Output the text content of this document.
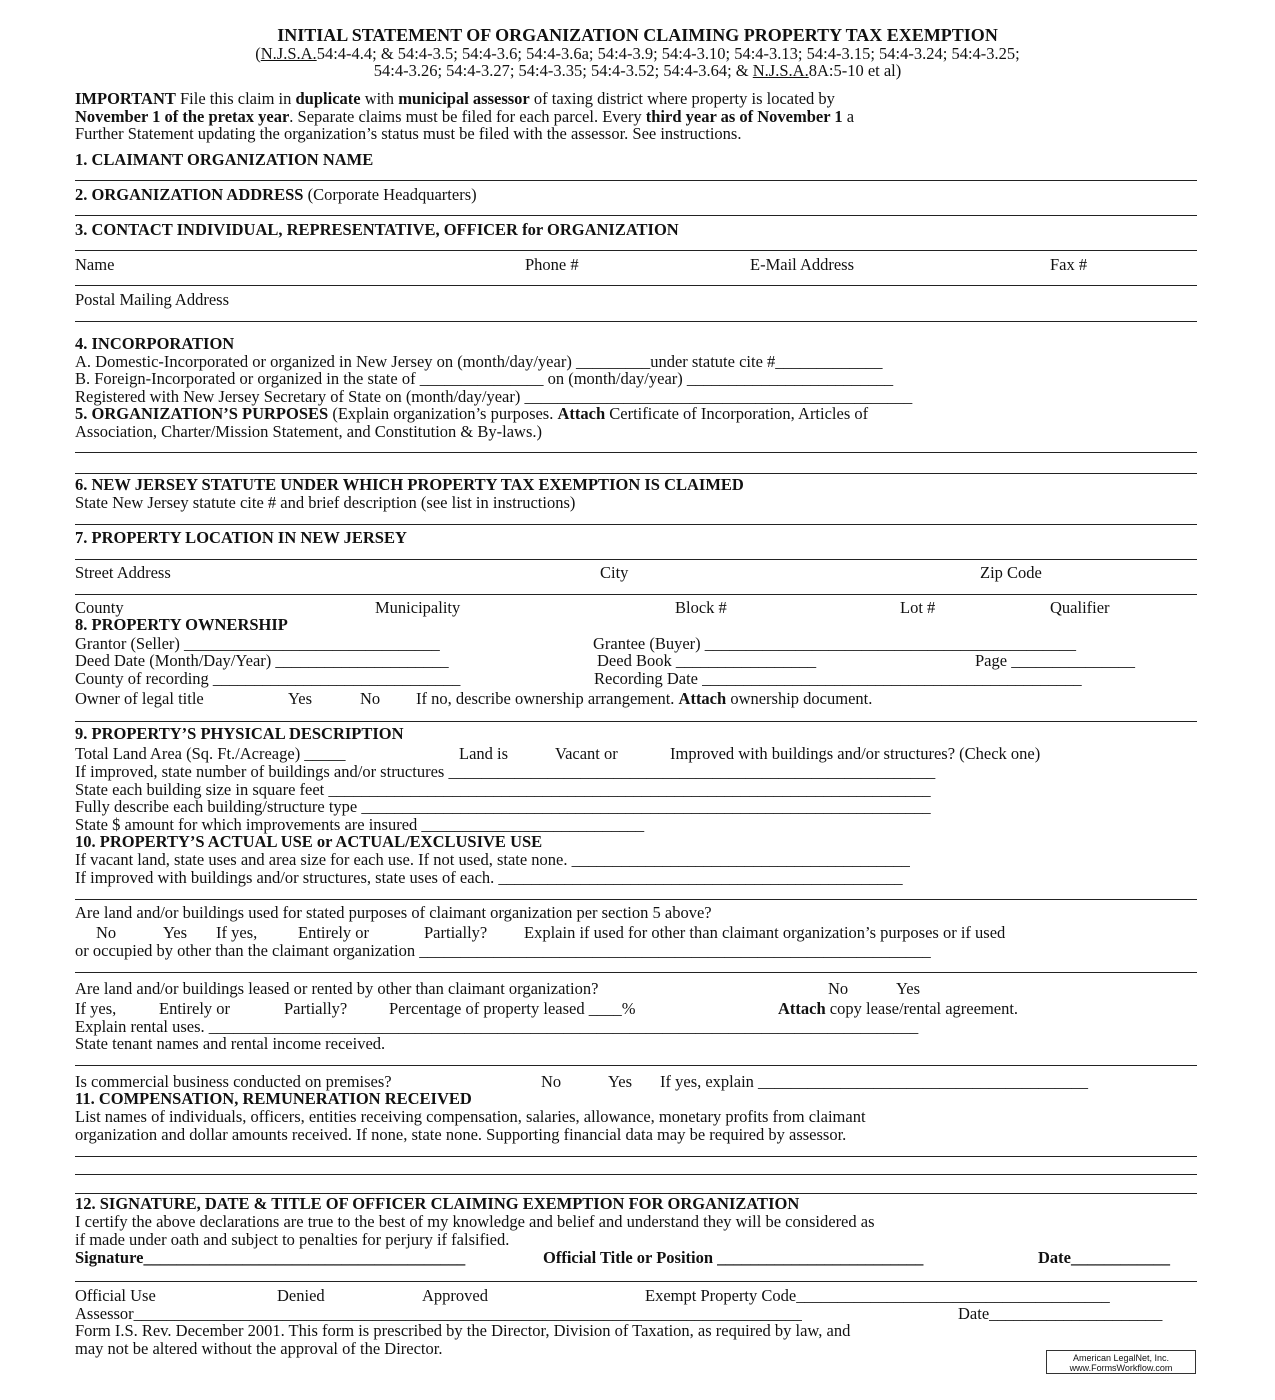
INITIAL STATEMENT OF ORGANIZATION CLAIMING PROPERTY TAX EXEMPTION
(N.J.S.A.54:4-4.4; & 54:4-3.5; 54:4-3.6; 54:4-3.6a; 54:4-3.9; 54:4-3.10; 54:4-3.13; 54:4-3.15; 54:4-3.24; 54:4-3.25;
54:4-3.26; 54:4-3.27; 54:4-3.35; 54:4-3.52; 54:4-3.64; & N.J.S.A.8A:5-10 et al)
IMPORTANT File this claim in duplicate with municipal assessor of taxing district where property is located by
November 1 of the pretax year. Separate claims must be filed for each parcel. Every third year as of November 1 a
Further Statement updating the organization’s status must be filed with the assessor. See instructions.
1. CLAIMANT ORGANIZATION NAME
2. ORGANIZATION ADDRESS (Corporate Headquarters)
3. CONTACT INDIVIDUAL, REPRESENTATIVE, OFFICER for ORGANIZATION
Name	Phone #	E-Mail Address	Fax #
Postal Mailing Address
4. INCORPORATION
A. Domestic-Incorporated or organized in New Jersey on (month/day/year) _________under statute cite #_____________
B. Foreign-Incorporated or organized in the state of _______________ on (month/day/year) _________________________
Registered with New Jersey Secretary of State on (month/day/year) _______________________________________________
5. ORGANIZATION’S PURPOSES (Explain organization’s purposes. Attach Certificate of Incorporation, Articles of
Association, Charter/Mission Statement, and Constitution & By-laws.)
6. NEW JERSEY STATUTE UNDER WHICH PROPERTY TAX EXEMPTION IS CLAIMED
State New Jersey statute cite # and brief description (see list in instructions)
7. PROPERTY LOCATION IN NEW JERSEY
Street Address	City	Zip Code
County	Municipality	Block #	Lot #	Qualifier
8. PROPERTY OWNERSHIP
Grantor (Seller) _______________________________	Grantee (Buyer) _____________________________________________
Deed Date (Month/Day/Year) _____________________	Deed Book _________________	Page _______________
County of recording ______________________________	Recording Date ______________________________________________
Owner of legal title	Yes	No If no, describe ownership arrangement. Attach ownership document.
9. PROPERTY’S PHYSICAL DESCRIPTION
Total Land Area (Sq. Ft./Acreage) _____	Land is	Vacant or	Improved with buildings and/or structures? (Check one)
If improved, state number of buildings and/or structures ___________________________________________________________
State each building size in square feet _________________________________________________________________________
Fully describe each building/structure type _____________________________________________________________________
State $ amount for which improvements are insured ___________________________
10. PROPERTY’S ACTUAL USE or ACTUAL/EXCLUSIVE USE
If vacant land, state uses and area size for each use. If not used, state none. _________________________________________
If improved with buildings and/or structures, state uses of each. _________________________________________________
Are land and/or buildings used for stated purposes of claimant organization per section 5 above?
No	Yes If yes, Entirely or	Partially? Explain if used for other than claimant organization’s purposes or if used
or occupied by other than the claimant organization ______________________________________________________________
Are land and/or buildings leased or rented by other than claimant organization?	No	Yes
If yes,	Entirely or	Partially?	Percentage of property leased ____%	Attach copy lease/rental agreement.
Explain rental uses. ______________________________________________________________________________________
State tenant names and rental income received.
Is commercial business conducted on premises?	No	Yes If yes, explain ________________________________________
11. COMPENSATION, REMUNERATION RECEIVED
List names of individuals, officers, entities receiving compensation, salaries, allowance, monetary profits from claimant
organization and dollar amounts received. If none, state none. Supporting financial data may be required by assessor.
12. SIGNATURE, DATE & TITLE OF OFFICER CLAIMING EXEMPTION FOR ORGANIZATION
I certify the above declarations are true to the best of my knowledge and belief and understand they will be considered as
if made under oath and subject to penalties for perjury if falsified.
Signature_______________________________________	Official Title or Position _________________________	Date____________
Official Use	Denied	Approved	Exempt Property Code______________________________________
Assessor_________________________________________________________________________________	Date_____________________
Form I.S. Rev. December 2001. This form is prescribed by the Director, Division of Taxation, as required by law, and
may not be altered without the approval of the Director.	American LegalNet, Inc.
www.FormsWorkflow.com
